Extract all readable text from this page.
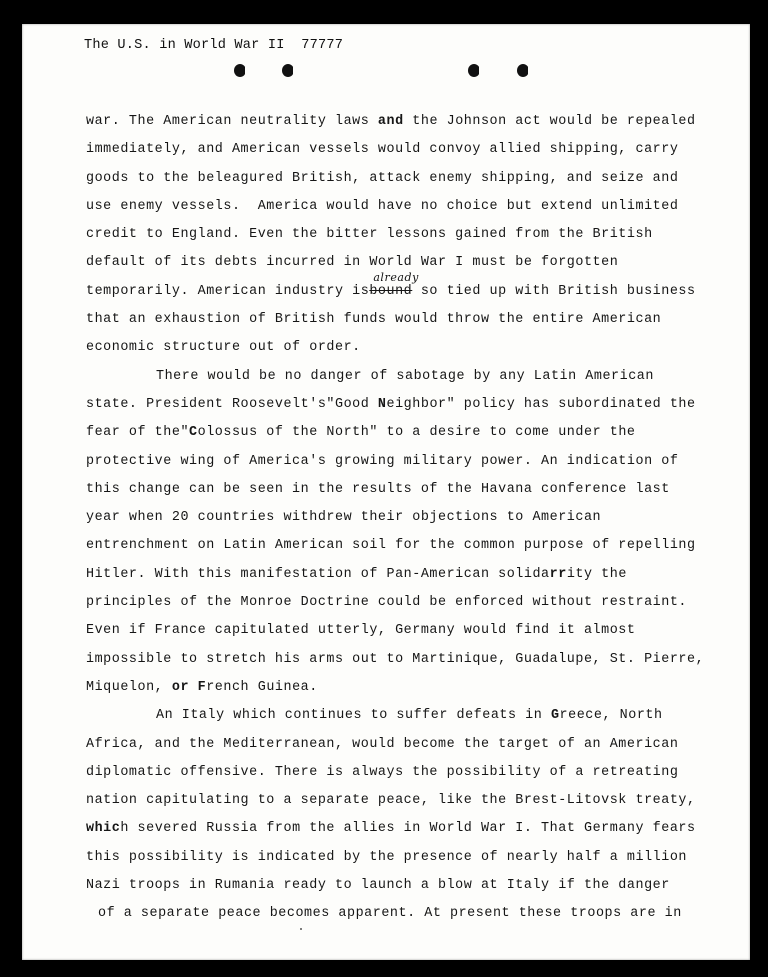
The U.S. in World War II  77777
war. The American neutrality laws and the Johnson act would be repealed
immediately, and American vessels would convoy allied shipping, carry
goods to the beleagured British, attack enemy shipping, and seize and
use enemy vessels.  America would have no choice but extend unlimited
credit to England. Even the bitter lessons gained from the British
default of its debts incurred in World War I must be forgotten
temporarily. American industry is
already
bound so tied up with British business
that an exhaustion of British funds would throw the entire American
economic structure out of order.
There would be no danger of sabotage by any Latin American
state. President Roosevelt's"Good Neighbor" policy has subordinated the
fear of the"Colossus of the North" to a desire to come under the
protective wing of America's growing military power. An indication of
this change can be seen in the results of the Havana conference last
year when 20 countries withdrew their objections to American
entrenchment on Latin American soil for the common purpose of repelling
Hitler. With this manifestation of Pan-American solidarrity the
principles of the Monroe Doctrine could be enforced without restraint.
Even if France capitulated utterly, Germany would find it almost
impossible to stretch his arms out to Martinique, Guadalupe, St. Pierre,
Miquelon, or French Guinea.
An Italy which continues to suffer defeats in Greece, North
Africa, and the Mediterranean, would become the target of an American
diplomatic offensive. There is always the possibility of a retreating
nation capitulating to a separate peace, like the Brest-Litovsk treaty,
which severed Russia from the allies in World War I. That Germany fears
this possibility is indicated by the presence of nearly half a million
Nazi troops in Rumania ready to launch a blow at Italy if the danger
of a separate peace becomes apparent. At present these troops are in
